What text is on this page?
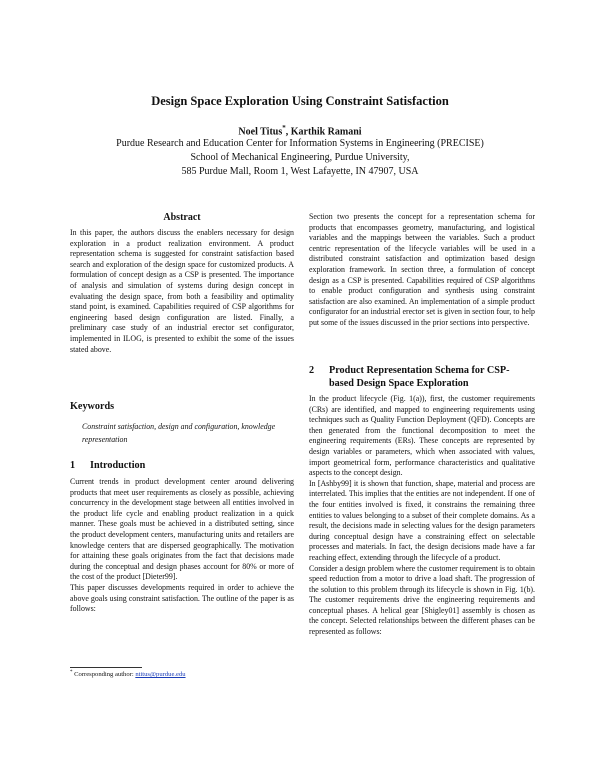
Design Space Exploration Using Constraint Satisfaction
Noel Titus*, Karthik Ramani
Purdue Research and Education Center for Information Systems in Engineering (PRECISE)
School of Mechanical Engineering, Purdue University,
585 Purdue Mall, Room 1, West Lafayette, IN 47907, USA
Abstract

In this paper, the authors discuss the enablers necessary for design exploration in a product realization environment. A product representation schema is suggested for constraint satisfaction based search and exploration of the design space for customized products. A formulation of concept design as a CSP is presented. The importance of analysis and simulation of systems during design concept in evaluating the design space, from both a feasibility and optimality stand point, is examined. Capabilities required of CSP algorithms for engineering based design configuration are listed. Finally, a preliminary case study of an industrial erector set configurator, implemented in ILOG, is presented to exhibit the some of the issues stated above.

Keywords
Constraint satisfaction, design and configuration, knowledge representation
1 Introduction

Current trends in product development center around delivering products that meet user requirements as closely as possible, achieving concurrency in the development stage between all entities involved in the product life cycle and enabling product realization in a quick manner. These goals must be achieved in a distributed setting, since the product development centers, manufacturing units and retailers are knowledge centers that are dispersed geographically. The motivation for attaining these goals originates from the fact that decisions made during the conceptual and design phases account for 80% or more of the cost of the product [Dieter99].

This paper discusses developments required in order to achieve the above goals using constraint satisfaction. The outline of the paper is as follows:

* Corresponding author: ntitus@purdue.edu

Section two presents the concept for a representation schema for products that encompasses geometry, manufacturing, and logistical variables and the mappings between the variables. Such a product centric representation of the lifecycle variables will be used in a distributed constraint satisfaction and optimization based design exploration framework. In section three, a formulation of concept design as a CSP is presented. Capabilities required of CSP algorithms to enable product configuration and synthesis using constraint satisfaction are also examined. An implementation of a simple product configurator for an industrial erector set is given in section four, to help put some of the issues discussed in the prior sections into perspective.

2 Product Representation Schema for CSP-
based Design Space Exploration

In the product lifecycle (Fig. 1(a)), first, the customer requirements (CRs) are identified, and mapped to engineering requirements using techniques such as Quality Function Deployment (QFD). Concepts are then generated from the functional decomposition to meet the engineering requirements (ERs). These concepts are represented by design variables or parameters, which when associated with values, import geometrical form, performance characteristics and qualitative aspects to the concept design.

In [Ashby99] it is shown that function, shape, material and process are interrelated. This implies that the entities are not independent. If one of the four entities involved is fixed, it constrains the remaining three entities to values belonging to a subset of their complete domains. As a result, the decisions made in selecting values for the design parameters during conceptual design have a constraining effect on selectable processes and materials. In fact, the design decisions made have a far reaching effect, extending through the lifecycle of a product.

Consider a design problem where the customer requirement is to obtain speed reduction from a motor to drive a load shaft. The progression of the solution to this problem through its lifecycle is shown in Fig. 1(b). The customer requirements drive the engineering requirements and conceptual phases. A helical gear [Shigley01] assembly is chosen as the concept. Selected relationships between the different phases can be represented as follows:
